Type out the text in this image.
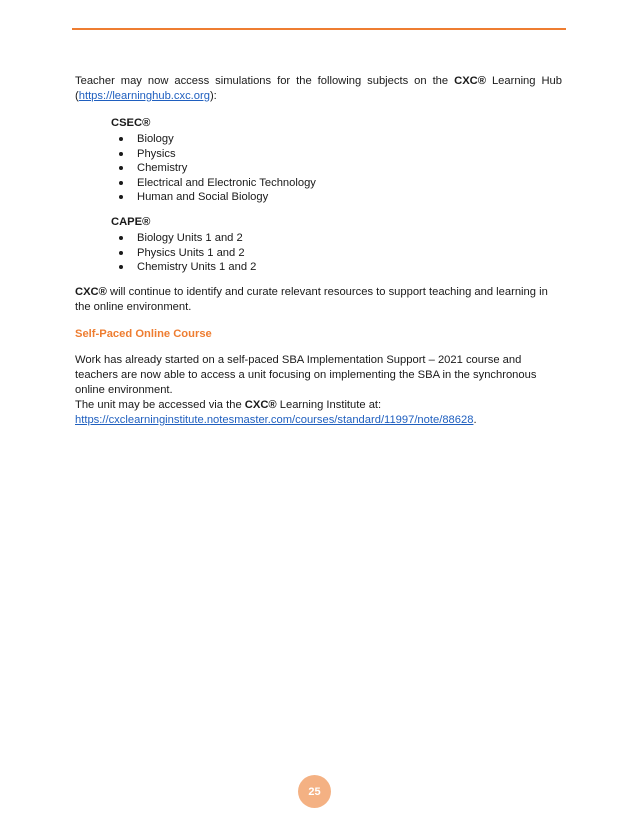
Teacher may now access simulations for the following subjects on the CXC® Learning Hub (https://learninghub.cxc.org):

CSEC®
Biology
Physics
Chemistry
Electrical and Electronic Technology
Human and Social Biology
CAPE®
Biology Units 1 and 2
Physics Units 1 and 2
Chemistry Units 1 and 2

CXC® will continue to identify and curate relevant resources to support teaching and learning in the online environment.

Self-Paced Online Course

Work has already started on a self-paced SBA Implementation Support – 2021 course and teachers are now able to access a unit focusing on implementing the SBA in the synchronous online environment.
The unit may be accessed via the CXC® Learning Institute at:
https://cxclearninginstitute.notesmaster.com/courses/standard/11997/note/88628.

25
